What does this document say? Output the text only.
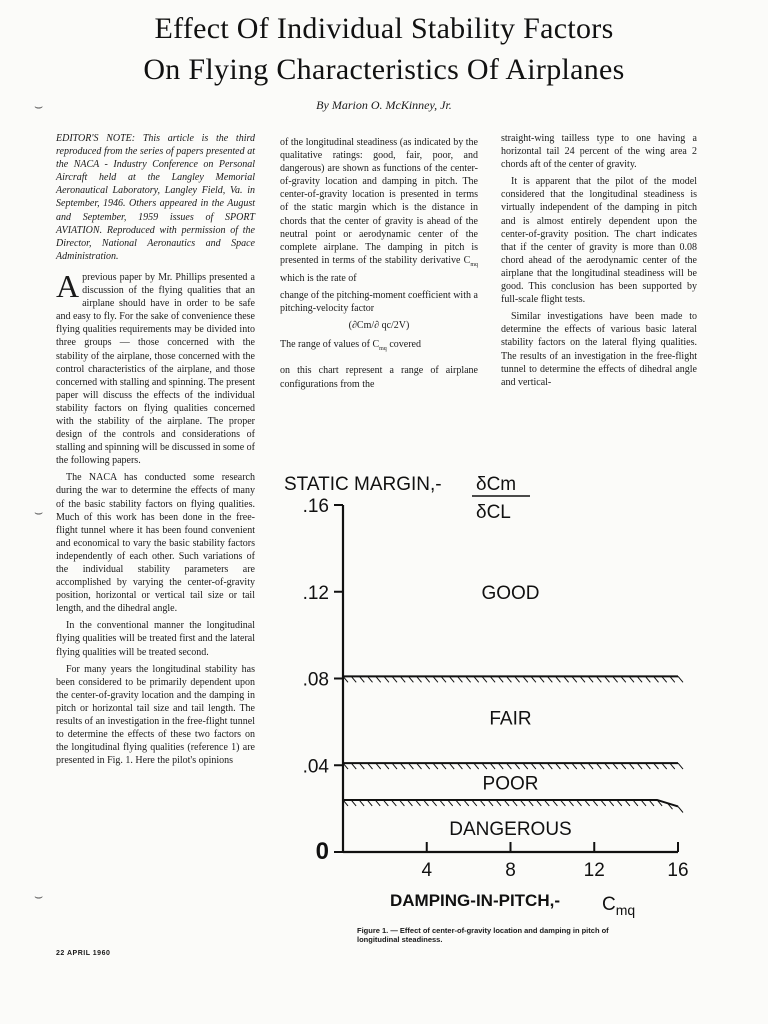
Effect Of Individual Stability Factors
On Flying Characteristics Of Airplanes
By Marion O. McKinney, Jr.
⌣
⌣
⌣

EDITOR'S NOTE: This article is the third reproduced from the series of papers presented at the NACA - Industry Conference on Personal Aircraft held at the Langley Memorial Aeronautical Laboratory, Langley Field, Va. in September, 1946. Others appeared in the August and September, 1959 issues of SPORT AVIATION. Reproduced with permission of the Director, National Aeronautics and Space Administration.

Aprevious paper by Mr. Phillips presented a discussion of the flying qualities that an airplane should have in order to be safe and easy to fly. For the sake of convenience these flying qualities requirements may be divided into three groups — those concerned with the stability of the airplane, those concerned with the control characteristics of the airplane, and those concerned with stalling and spinning. The present paper will discuss the effects of the individual stability factors on flying qualities concerned with the stability of the airplane. The proper design of the controls and considerations of stalling and spinning will be discussed in some of the following papers.

The NACA has conducted some research during the war to determine the effects of many of the basic stability factors on flying qualities. Much of this work has been done in the free-flight tunnel where it has been found convenient and economical to vary the basic stability factors independently of each other. Such variations of the individual stability parameters are accomplished by varying the center-of-gravity position, horizontal or vertical tail size or tail length, and the dihedral angle.

In the conventional manner the longitudinal flying qualities will be treated first and the lateral flying qualities will be treated second.

For many years the longitudinal stability has been considered to be primarily dependent upon the center-of-gravity location and the damping in pitch or horizontal tail size and tail length. The results of an investigation in the free-flight tunnel to determine the effects of these two factors on the longitudinal flying qualities (reference 1) are presented in Fig. 1. Here the pilot's opinions

of the longitudinal steadiness (as indicated by the qualitative ratings: good, fair, poor, and dangerous) are shown as functions of the center-of-gravity location and damping in pitch. The center-of-gravity location is presented in terms of the static margin which is the distance in chords that the center of gravity is ahead of the neutral point or aerodynamic center of the complete airplane. The damping in pitch is presented in terms of the stability derivative $C_{mq}$ which is the rate of

change of the pitching-moment coefficient with a pitching-velocity factor

(∂Cm/∂ qc/2V)

The range of values of $C_{mq}$ covered

on this chart represent a range of airplane configurations from the

straight-wing tailless type to one having a horizontal tail 24 percent of the wing area 2 chords aft of the center of gravity.

It is apparent that the pilot of the model considered that the longitudinal steadiness is virtually independent of the damping in pitch and is almost entirely dependent upon the center-of-gravity position. The chart indicates that if the center of gravity is more than 0.08 chord ahead of the aerodynamic center of the airplane that the longitudinal steadiness will be good. This conclusion has been supported by full-scale flight tests.

Similar investigations have been made to determine the effects of various basic lateral stability factors on the lateral flying qualities. The results of an investigation in the free-flight tunnel to determine the effects of dihedral angle and vertical-

STATIC MARGIN,- δCm
δCL
.16
.12
.08
.04
0
4	8	12	16
GOOD
FAIR
POOR
DANGEROUS
DAMPING-IN-PITCH,- $C_{mq}$
Figure 1. — Effect of center-of-gravity location and damping in pitch of longitudinal steadiness.
22 APRIL 1960
